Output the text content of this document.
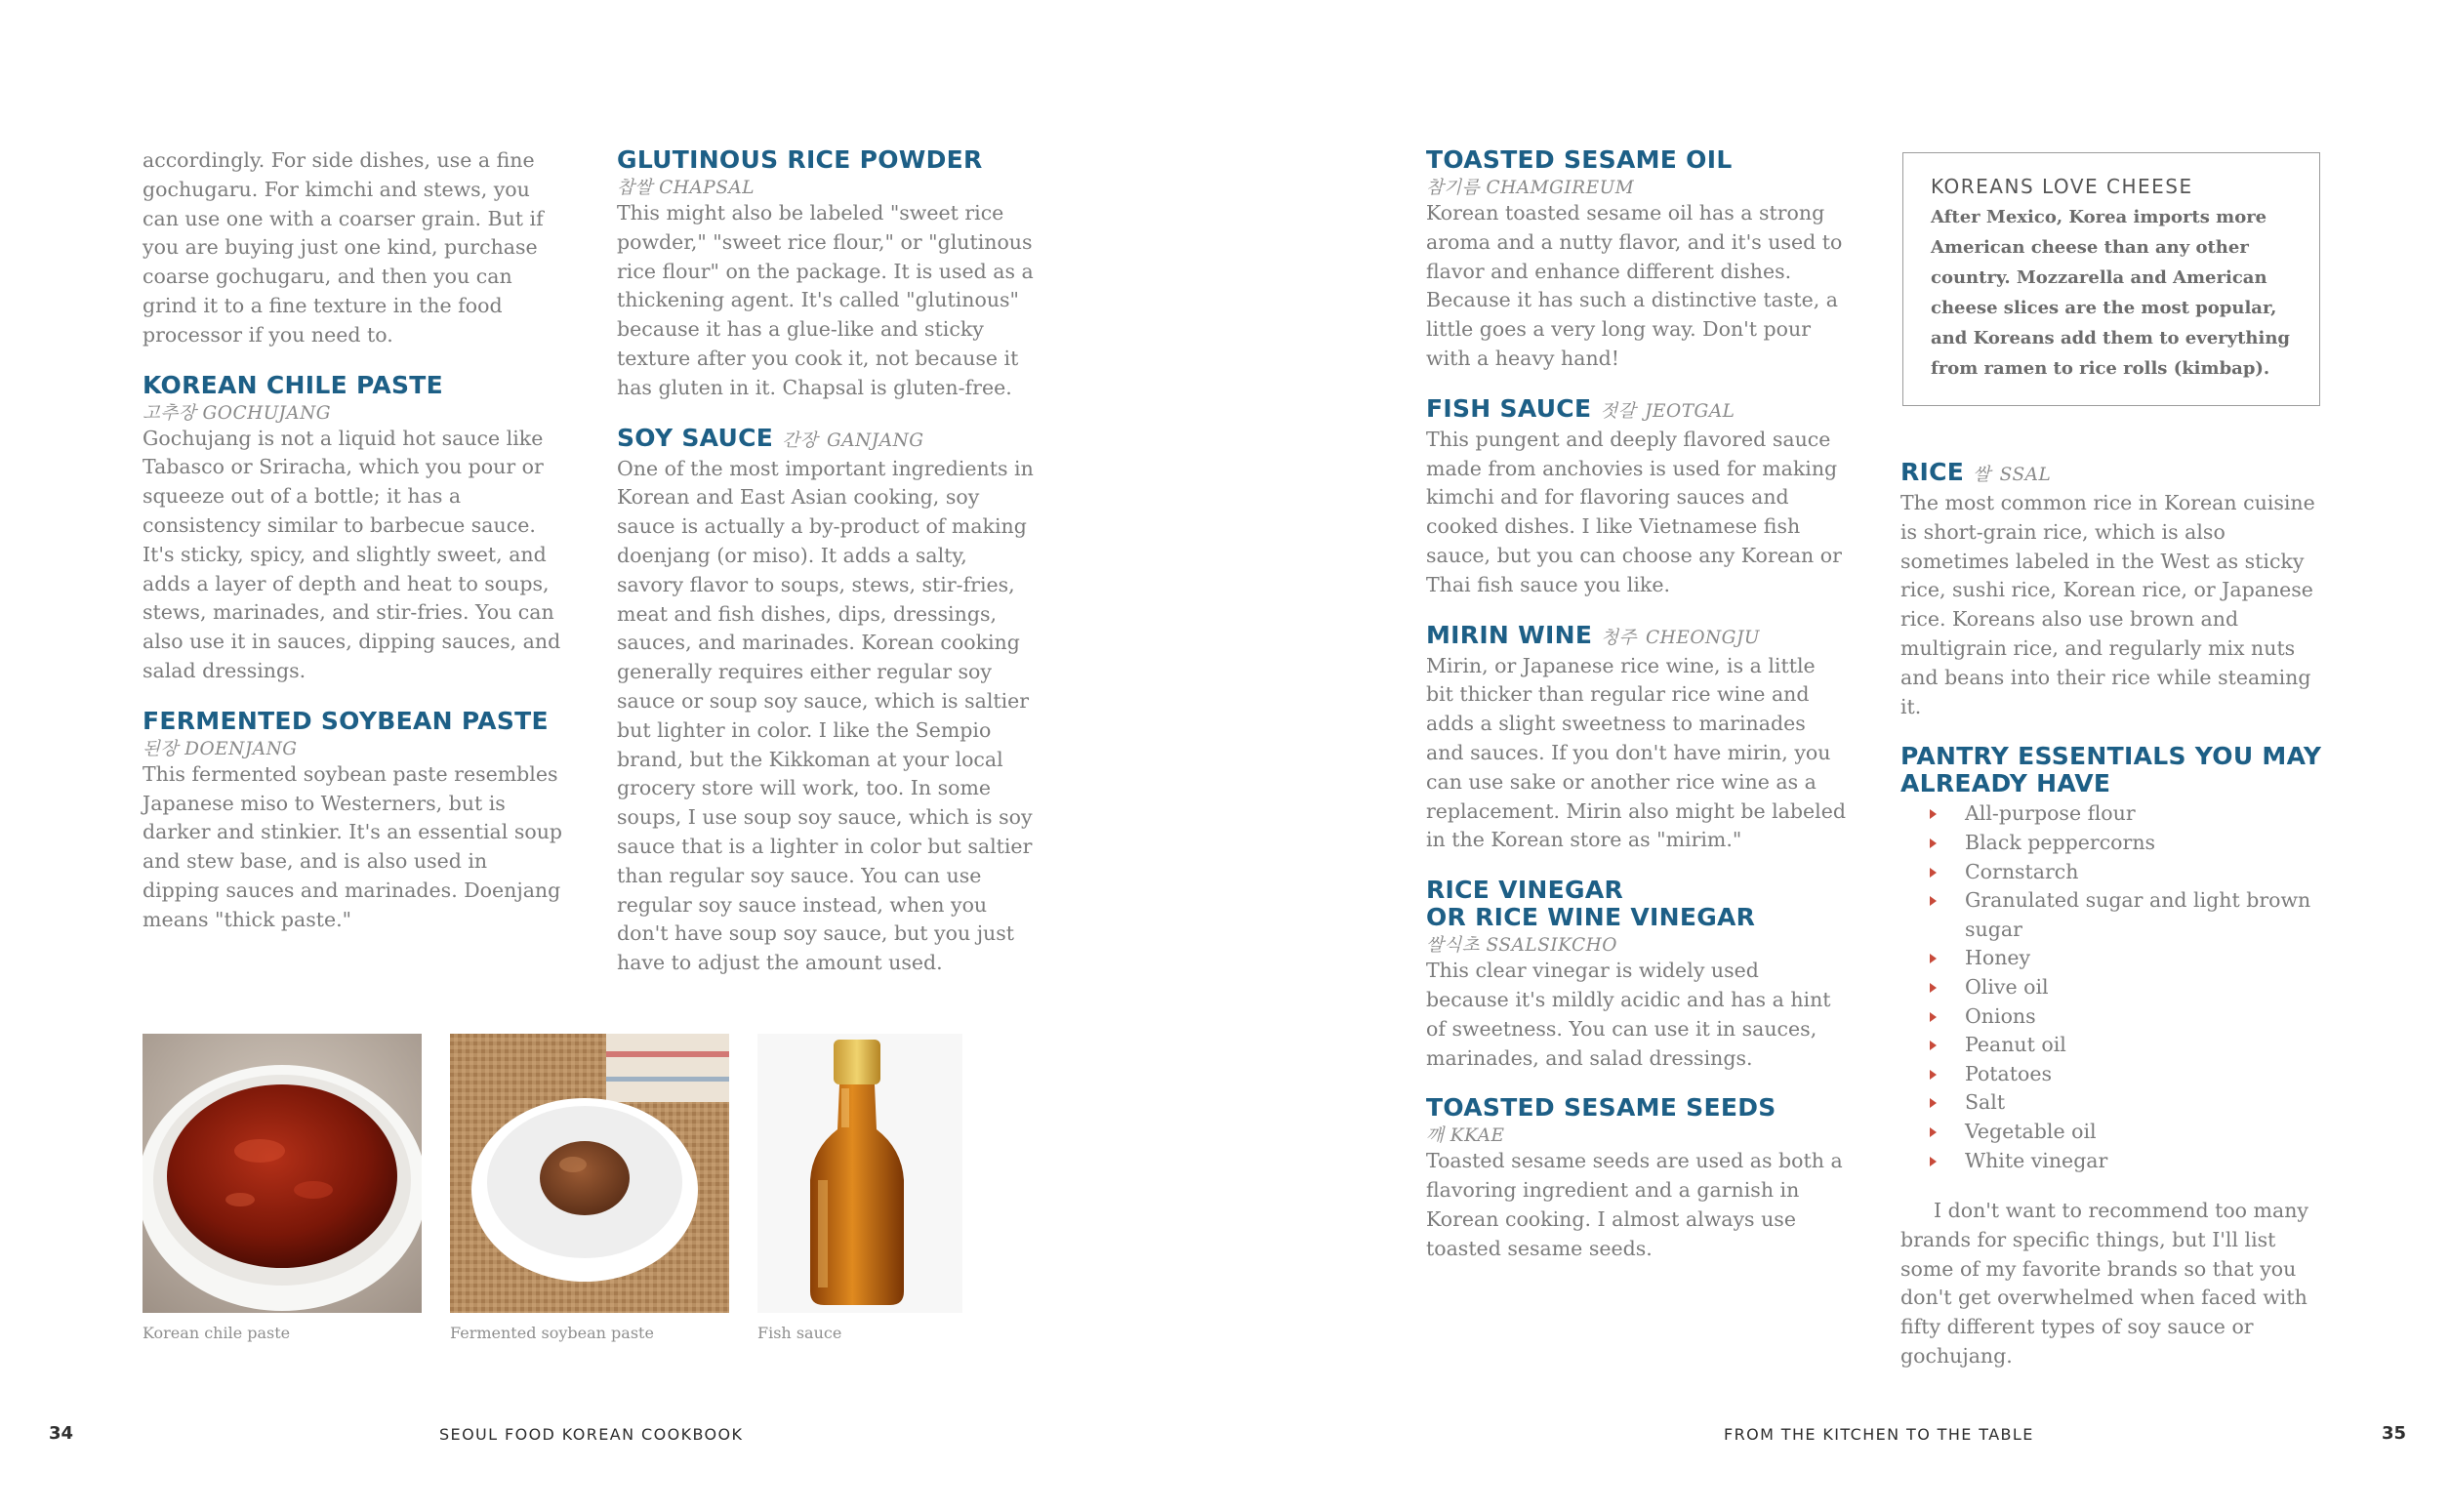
accordingly. For side dishes, use a fine gochugaru. For kimchi and stews, you can use one with a coarser grain. But if you are buying just one kind, purchase coarse gochugaru, and then you can grind it to a fine texture in the food processor if you need to.

KOREAN CHILE PASTE
고추장 GOCHUJANG

Gochujang is not a liquid hot sauce like Tabasco or Sriracha, which you pour or squeeze out of a bottle; it has a consistency similar to barbecue sauce. It's sticky, spicy, and slightly sweet, and adds a layer of depth and heat to soups, stews, marinades, and stir-fries. You can also use it in sauces, dipping sauces, and salad dressings.

FERMENTED SOYBEAN PASTE
된장 DOENJANG

This fermented soybean paste resembles Japanese miso to Westerners, but is darker and stinkier. It's an essential soup and stew base, and is also used in dipping sauces and marinades. Doenjang means "thick paste."

GLUTINOUS RICE POWDER
찹쌀 CHAPSAL

This might also be labeled "sweet rice powder," "sweet rice flour," or "glutinous rice flour" on the package. It is used as a thickening agent. It's called "glutinous" because it has a glue-like and sticky texture after you cook it, not because it has gluten in it. Chapsal is gluten-free.

SOY SAUCE 간장 GANJANG

One of the most important ingredients in Korean and East Asian cooking, soy sauce is actually a by-product of making doenjang (or miso). It adds a salty, savory flavor to soups, stews, stir-fries, meat and fish dishes, dips, dressings, sauces, and marinades. Korean cooking generally requires either regular soy sauce or soup soy sauce, which is saltier but lighter in color. I like the Sempio brand, but the Kikkoman at your local grocery store will work, too. In some soups, I use soup soy sauce, which is soy sauce that is a lighter in color but saltier than regular soy sauce. You can use regular soy sauce instead, when you don't have soup soy sauce, but you just have to adjust the amount used.

Korean chile paste	Fermented soybean paste	Fish sauce
34	SEOUL FOOD KOREAN COOKBOOK
TOASTED SESAME OIL
참기름 CHAMGIREUM

Korean toasted sesame oil has a strong aroma and a nutty flavor, and it's used to flavor and enhance different dishes. Because it has such a distinctive taste, a little goes a very long way. Don't pour with a heavy hand!

FISH SAUCE 젓갈 JEOTGAL

This pungent and deeply flavored sauce made from anchovies is used for making kimchi and for flavoring sauces and cooked dishes. I like Vietnamese fish sauce, but you can choose any Korean or Thai fish sauce you like.

MIRIN WINE 청주 CHEONGJU

Mirin, or Japanese rice wine, is a little bit thicker than regular rice wine and adds a slight sweetness to marinades and sauces. If you don't have mirin, you can use sake or another rice wine as a replacement. Mirin also might be labeled in the Korean store as "mirim."

RICE VINEGAR
OR RICE WINE VINEGAR
쌀식초 SSALSIKCHO

This clear vinegar is widely used because it's mildly acidic and has a hint of sweetness. You can use it in sauces, marinades, and salad dressings.

TOASTED SESAME SEEDS
깨 KKAE

Toasted sesame seeds are used as both a flavoring ingredient and a garnish in Korean cooking. I almost always use toasted sesame seeds.

KOREANS LOVE CHEESE

After Mexico, Korea imports more American cheese than any other country. Mozzarella and American cheese slices are the most popular, and Koreans add them to everything from ramen to rice rolls (kimbap).

RICE 쌀 SSAL

The most common rice in Korean cuisine is short-grain rice, which is also sometimes labeled in the West as sticky rice, sushi rice, Korean rice, or Japanese rice. Koreans also use brown and multigrain rice, and regularly mix nuts and beans into their rice while steaming it.

PANTRY ESSENTIALS YOU MAY
ALREADY HAVE
All-purpose flour
Black peppercorns
Cornstarch
Granulated sugar and light brown sugar
Honey
Olive oil
Onions
Peanut oil
Potatoes
Salt
Vegetable oil
White vinegar

I don't want to recommend too many brands for specific things, but I'll list some of my favorite brands so that you don't get overwhelmed when faced with fifty different types of soy sauce or gochujang.

FROM THE KITCHEN TO THE TABLE	35
